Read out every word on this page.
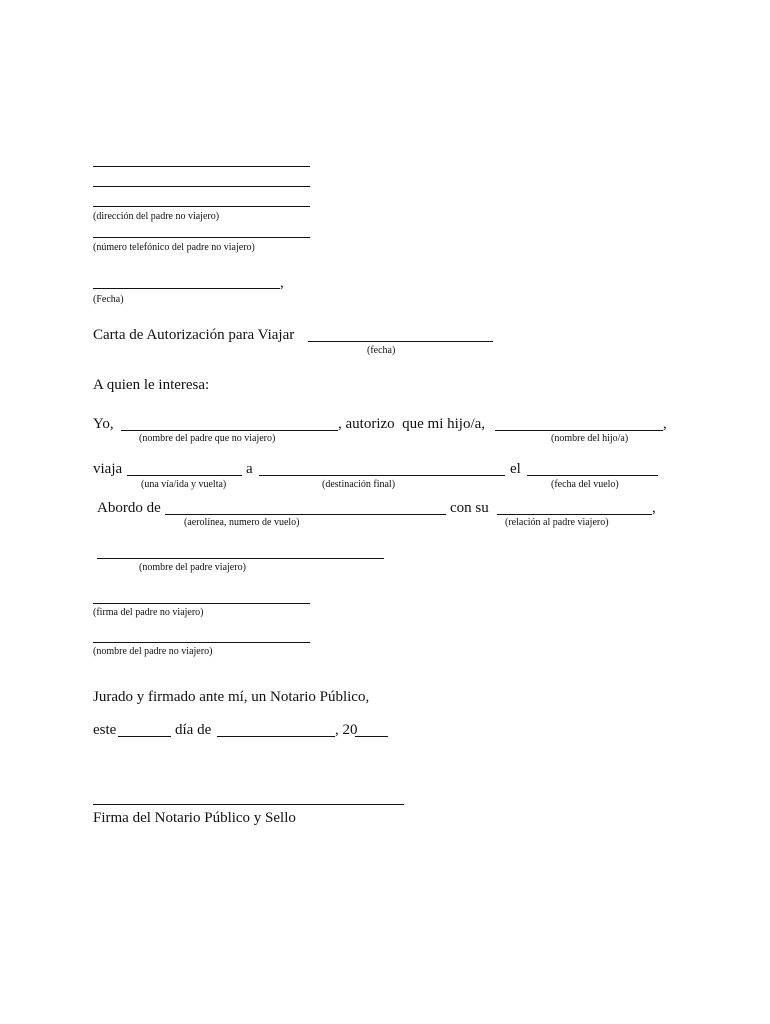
(dirección del padre no viajero)
(número telefónico del padre no viajero)
,
(Fecha)
Carta de Autorización para Viajar
(fecha)
A quien le interesa:
Yo,	, autorizo  que mi hijo/a,	,
(nombre del padre que no viajero)	(nombre del hijo/a)
viaja	a	el
(una vía/ida y vuelta)	(destinación final)	(fecha del vuelo)
Abordo de	con su	,
(aerolínea, numero de vuelo)	(relación al padre viajero)
(nombre del padre viajero)
(firma del padre no viajero)
(nombre del padre no viajero)
Jurado y firmado ante mí, un Notario Público,
este	día de	, 20
Firma del Notario Público y Sello
